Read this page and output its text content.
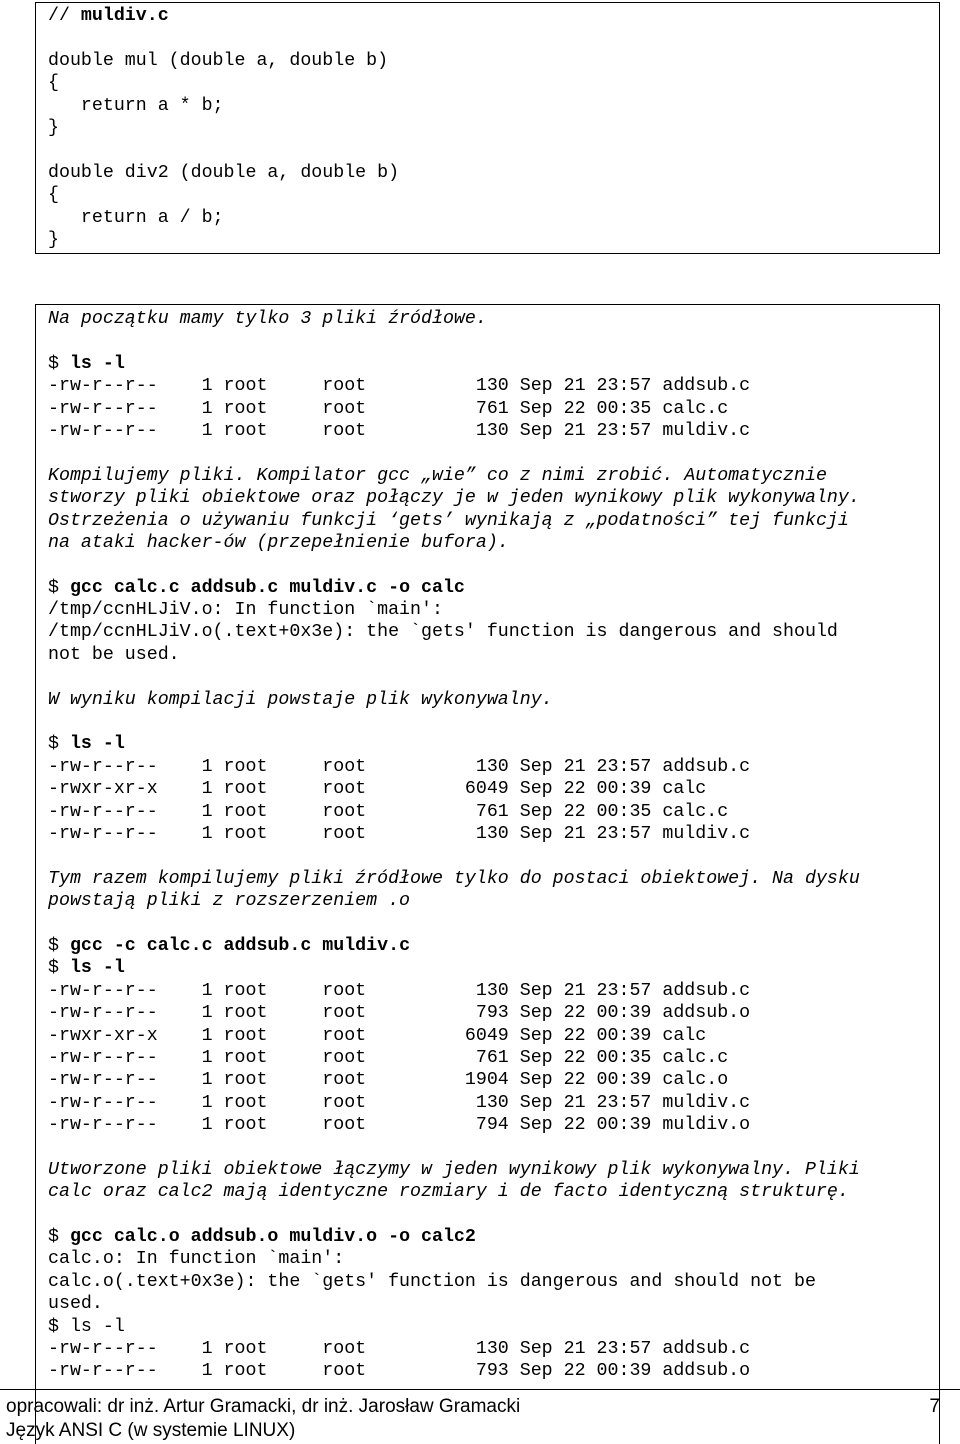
// muldiv.c
double mul (double a, double b)
{
return a * b;
}
double div2 (double a, double b)
{
return a / b;
}
Na początku mamy tylko 3 pliki źródłowe.
$ ls -l
-rw-r--r--    1 root     root          130 Sep 21 23:57 addsub.c
-rw-r--r--    1 root     root          761 Sep 22 00:35 calc.c
-rw-r--r--    1 root     root          130 Sep 21 23:57 muldiv.c
Kompilujemy pliki. Kompilator gcc „wie” co z nimi zrobić. Automatycznie
stworzy pliki obiektowe oraz połączy je w jeden wynikowy plik wykonywalny.
Ostrzeżenia o używaniu funkcji ‘gets’ wynikają z „podatności” tej funkcji
na ataki hacker-ów (przepełnienie bufora).
$ gcc calc.c addsub.c muldiv.c -o calc
/tmp/ccnHLJiV.o: In function `main':
/tmp/ccnHLJiV.o(.text+0x3e): the `gets' function is dangerous and should
not be used.
W wyniku kompilacji powstaje plik wykonywalny.
$ ls -l
-rw-r--r--    1 root     root          130 Sep 21 23:57 addsub.c
-rwxr-xr-x    1 root     root         6049 Sep 22 00:39 calc
-rw-r--r--    1 root     root          761 Sep 22 00:35 calc.c
-rw-r--r--    1 root     root          130 Sep 21 23:57 muldiv.c
Tym razem kompilujemy pliki źródłowe tylko do postaci obiektowej. Na dysku
powstają pliki z rozszerzeniem .o
$ gcc -c calc.c addsub.c muldiv.c
$ ls -l
-rw-r--r--    1 root     root          130 Sep 21 23:57 addsub.c
-rw-r--r--    1 root     root          793 Sep 22 00:39 addsub.o
-rwxr-xr-x    1 root     root         6049 Sep 22 00:39 calc
-rw-r--r--    1 root     root          761 Sep 22 00:35 calc.c
-rw-r--r--    1 root     root         1904 Sep 22 00:39 calc.o
-rw-r--r--    1 root     root          130 Sep 21 23:57 muldiv.c
-rw-r--r--    1 root     root          794 Sep 22 00:39 muldiv.o
Utworzone pliki obiektowe łączymy w jeden wynikowy plik wykonywalny. Pliki
calc oraz calc2 mają identyczne rozmiary i de facto identyczną strukturę.
$ gcc calc.o addsub.o muldiv.o -o calc2
calc.o: In function `main':
calc.o(.text+0x3e): the `gets' function is dangerous and should not be
used.
$ ls -l
-rw-r--r--    1 root     root          130 Sep 21 23:57 addsub.c
-rw-r--r--    1 root     root          793 Sep 22 00:39 addsub.o
opracowali: dr inż. Artur Gramacki, dr inż. Jarosław Gramacki
Język ANSI C (w systemie LINUX)
7
